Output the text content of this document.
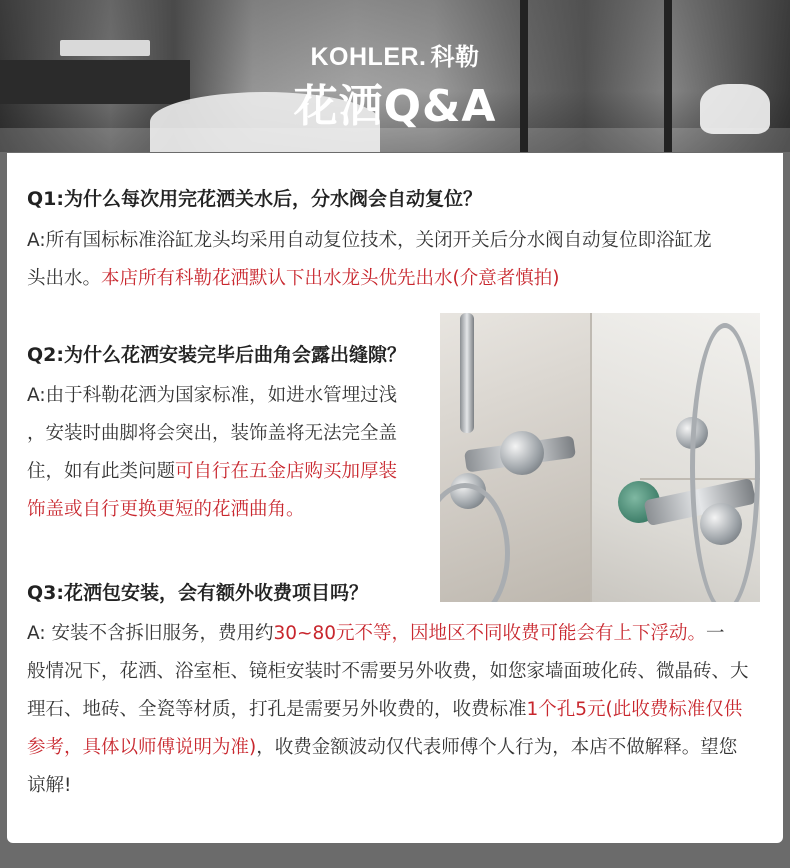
KOHLER. 科勒
花洒Q&A
Q1:为什么每次用完花洒关水后，分水阀会自动复位？
A:所有国标标准浴缸龙头均采用自动复位技术，关闭开关后分水阀自动复位即浴缸龙
头出水。本店所有科勒花洒默认下出水龙头优先出水(介意者慎拍)
Q2:为什么花洒安装完毕后曲角会露出缝隙？
A:由于科勒花洒为国家标准，如进水管埋过浅
，安装时曲脚将会突出，装饰盖将无法完全盖
住，如有此类问题可自行在五金店购买加厚装
饰盖或自行更换更短的花洒曲角。
Q3:花洒包安装，会有额外收费项目吗？
A: 安装不含拆旧服务，费用约30~80元不等，因地区不同收费可能会有上下浮动。一
般情况下，花洒、浴室柜、镜柜安装时不需要另外收费，如您家墙面玻化砖、微晶砖、大
理石、地砖、全瓷等材质，打孔是需要另外收费的，收费标准1个孔5元(此收费标准仅供
参考，具体以师傅说明为准)，收费金额波动仅代表师傅个人行为，本店不做解释。望您
谅解!
